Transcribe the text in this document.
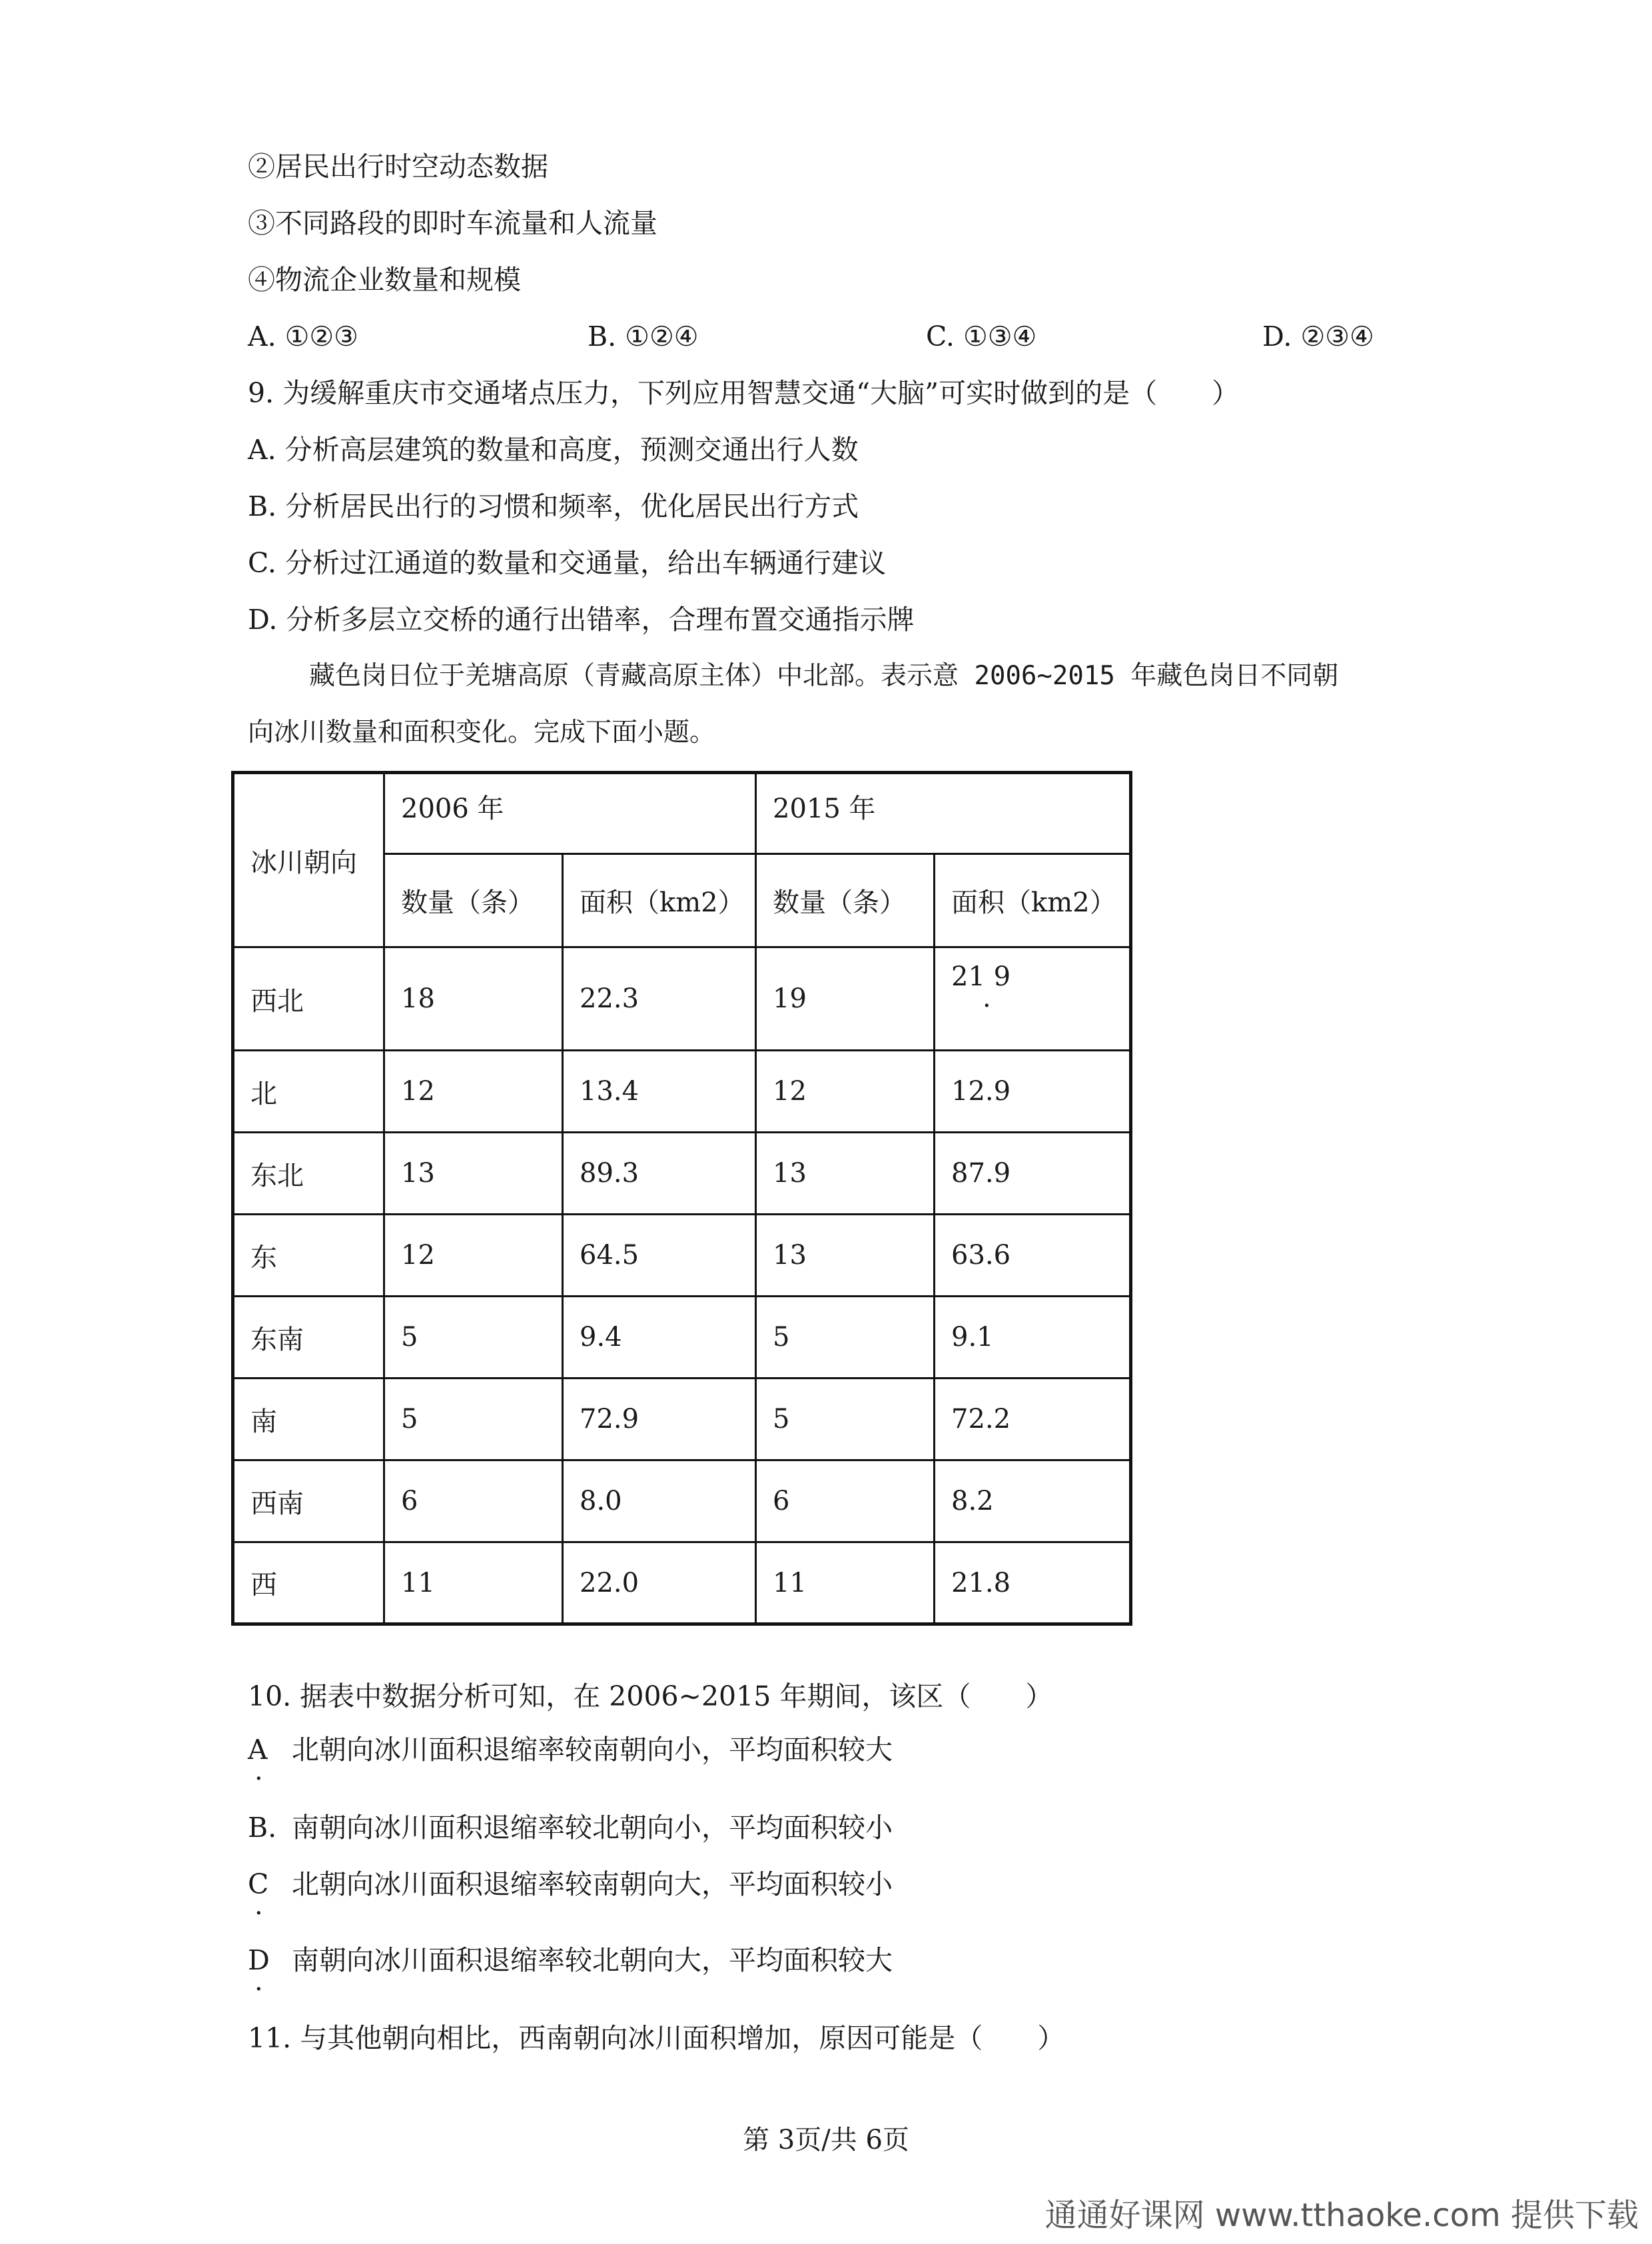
②居民出行时空动态数据
③不同路段的即时车流量和人流量
④物流企业数量和规模
A. ①②③	B. ①②④	C. ①③④	D. ②③④
9. 为缓解重庆市交通堵点压力，下列应用智慧交通“大脑”可实时做到的是（　　）
A. 分析高层建筑的数量和高度，预测交通出行人数
B. 分析居民出行的习惯和频率，优化居民出行方式
C. 分析过江通道的数量和交通量，给出车辆通行建议
D. 分析多层立交桥的通行出错率，合理布置交通指示牌
藏色岗日位于羌塘高原（青藏高原主体）中北部。表示意 2006~2015 年藏色岗日不同朝
向冰川数量和面积变化。完成下面小题。
冰川朝向	2006 年		2015 年	
	数量（条）	面积（km2）	数量（条）	面积（km2）
西北	18	22.3	19	21 9
北	12	13.4	12	12.9
东北	13	89.3	13	87.9
东	12	64.5	13	63.6
东南	5	9.4	5	9.1
南	5	72.9	5	72.2
西南	6	8.0	6	8.2
西	11	22.0	11	21.8
·
10. 据表中数据分析可知，在 2006~2015 年期间，该区（　　）
A 北朝向冰川面积退缩率较南朝向小，平均面积较大
·
B. 南朝向冰川面积退缩率较北朝向小，平均面积较小
C 北朝向冰川面积退缩率较南朝向大，平均面积较小
·
D 南朝向冰川面积退缩率较北朝向大，平均面积较大
·
11. 与其他朝向相比，西南朝向冰川面积增加，原因可能是（　　）
第 3页/共 6页
通通好课网 www.tthaoke.com 提供下载
